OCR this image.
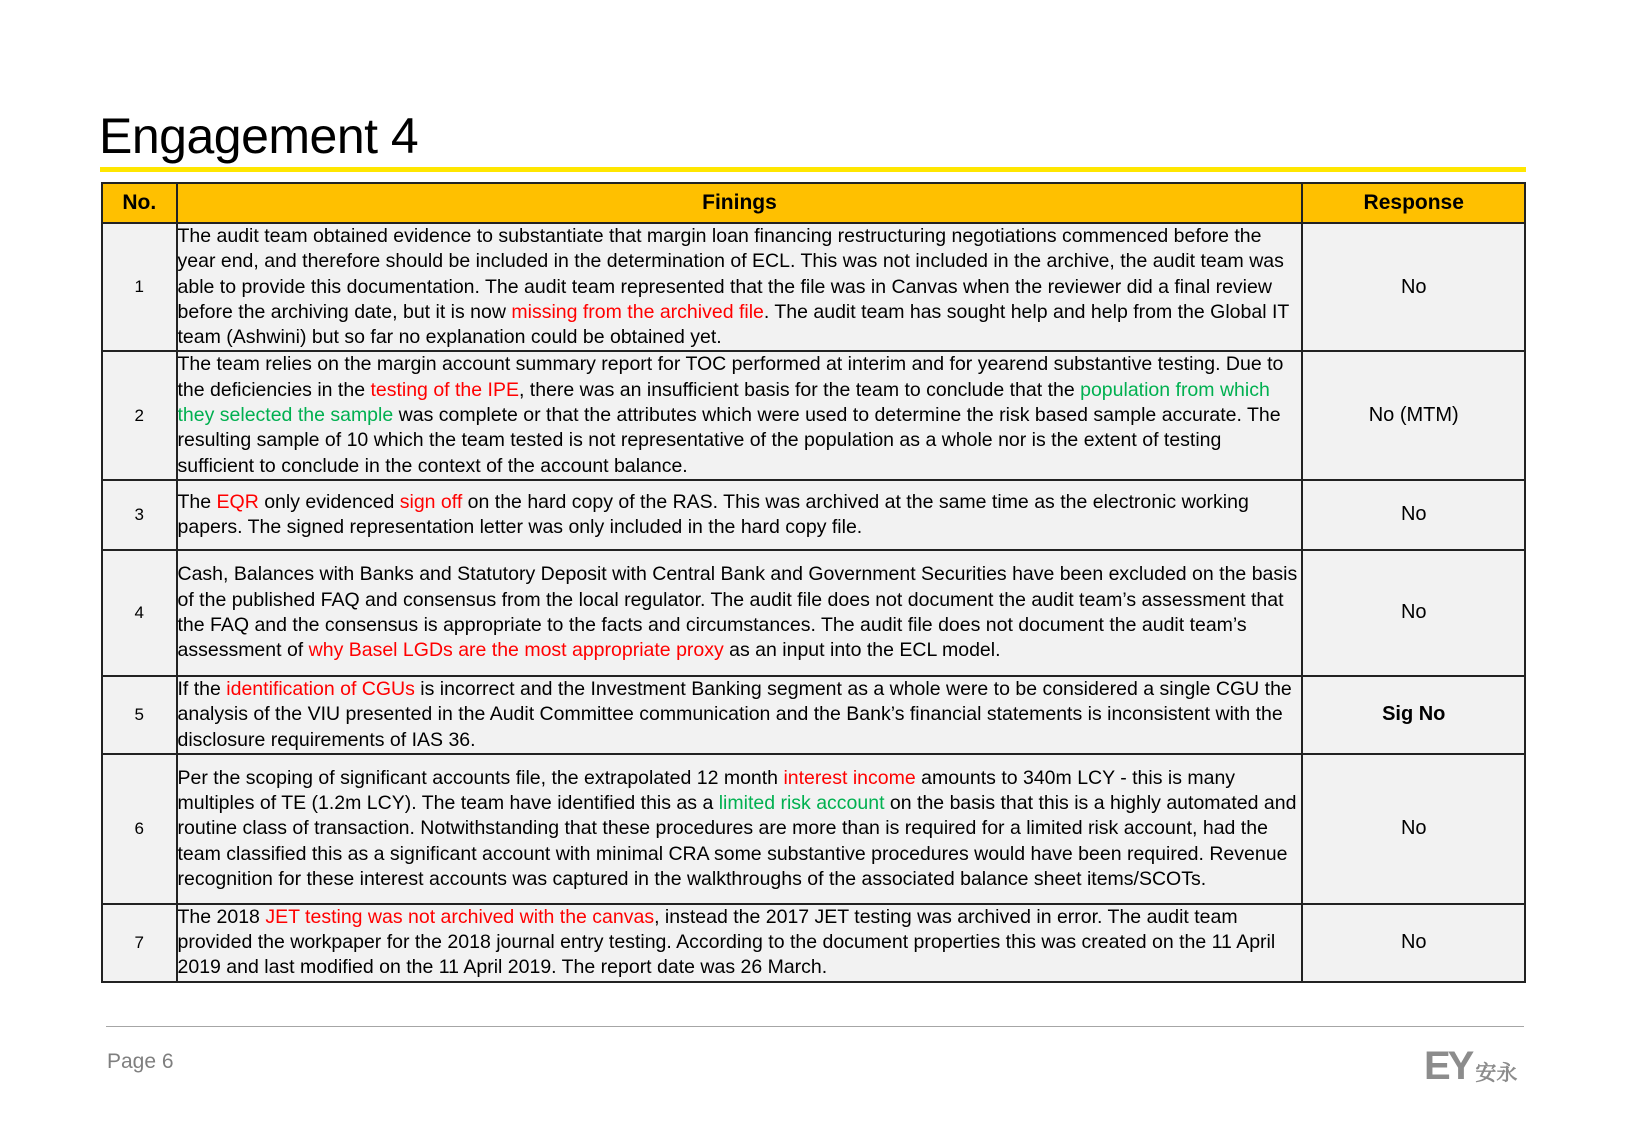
Engagement 4
No.	Finings	Response
1	The audit team obtained evidence to substantiate that margin loan financing restructuring negotiations commenced before the year end, and therefore should be included in the determination of ECL. This was not included in the archive, the audit team was able to provide this documentation. The audit team represented that the file was in Canvas when the reviewer did a final review before the archiving date, but it is now missing from the archived file. The audit team has sought help and help from the Global IT team (Ashwini) but so far no explanation could be obtained yet.	No
2	The team relies on the margin account summary report for TOC performed at interim and for yearend substantive testing. Due to the deficiencies in the testing of the IPE, there was an insufficient basis for the team to conclude that the population from which they selected the sample was complete or that the attributes which were used to determine the risk based sample accurate. The resulting sample of 10 which the team tested is not representative of the population as a whole nor is the extent of testing sufficient to conclude in the context of the account balance.	No (MTM)
3	The EQR only evidenced sign off on the hard copy of the RAS. This was archived at the same time as the electronic working papers. The signed representation letter was only included in the hard copy file.	No
4	Cash, Balances with Banks and Statutory Deposit with Central Bank and Government Securities have been excluded on the basis of the published FAQ and consensus from the local regulator. The audit file does not document the audit team’s assessment that the FAQ and the consensus is appropriate to the facts and circumstances. The audit file does not document the audit team’s assessment of why Basel LGDs are the most appropriate proxy as an input into the ECL model.	No
5	If the identification of CGUs is incorrect and the Investment Banking segment as a whole were to be considered a single CGU the analysis of the VIU presented in the Audit Committee communication and the Bank’s financial statements is inconsistent with the disclosure requirements of IAS 36.	Sig No
6	Per the scoping of significant accounts file, the extrapolated 12 month interest income amounts to 340m LCY - this is many multiples of TE (1.2m LCY). The team have identified this as a limited risk account on the basis that this is a highly automated and routine class of transaction. Notwithstanding that these procedures are more than is required for a limited risk account, had the team classified this as a significant account with minimal CRA some substantive procedures would have been required. Revenue recognition for these interest accounts was captured in the walkthroughs of the associated balance sheet items/SCOTs.	No
7	The 2018 JET testing was not archived with the canvas, instead the 2017 JET testing was archived in error. The audit team provided the workpaper for the 2018 journal entry testing. According to the document properties this was created on the 11 April 2019 and last modified on the 11 April 2019. The report date was 26 March.	No
Page 6	EY 安永
